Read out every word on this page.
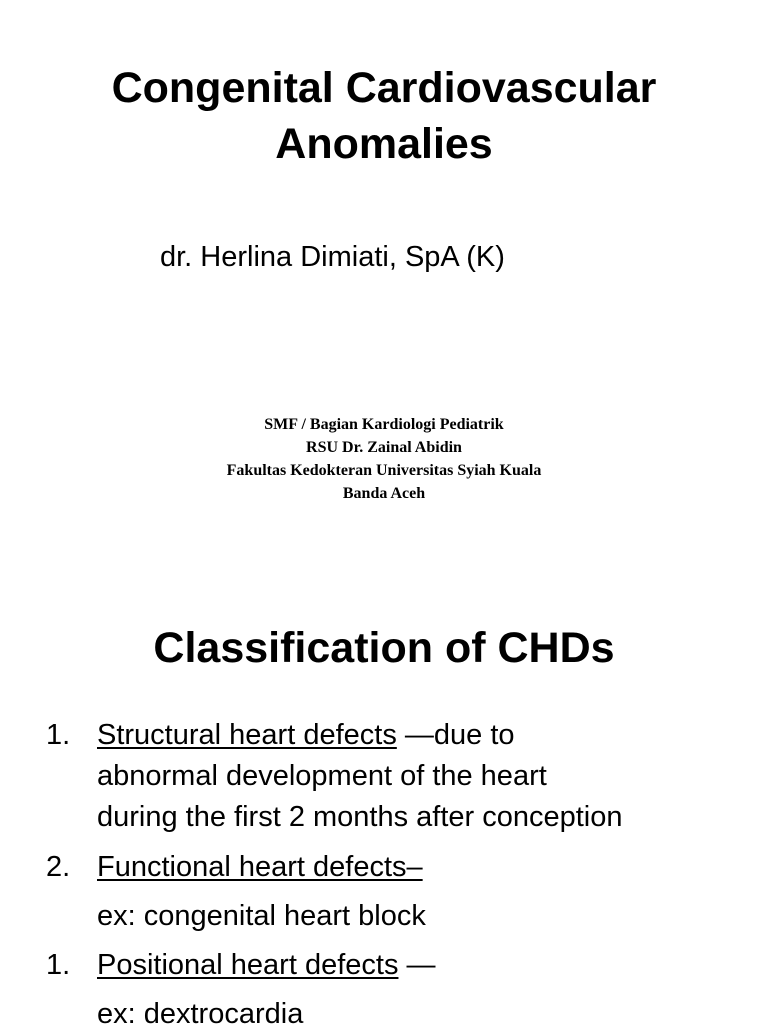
Congenital Cardiovascular
Anomalies
dr. Herlina Dimiati, SpA (K)
SMF / Bagian Kardiologi Pediatrik
RSU Dr. Zainal Abidin
Fakultas Kedokteran Universitas Syiah Kuala
Banda Aceh
Classification of CHDs
1. Structural heart defects —due to
abnormal development of the heart
during the first 2 months after conception
2. Functional heart defects–
ex: congenital heart block
1. Positional heart defects —
ex: dextrocardia
